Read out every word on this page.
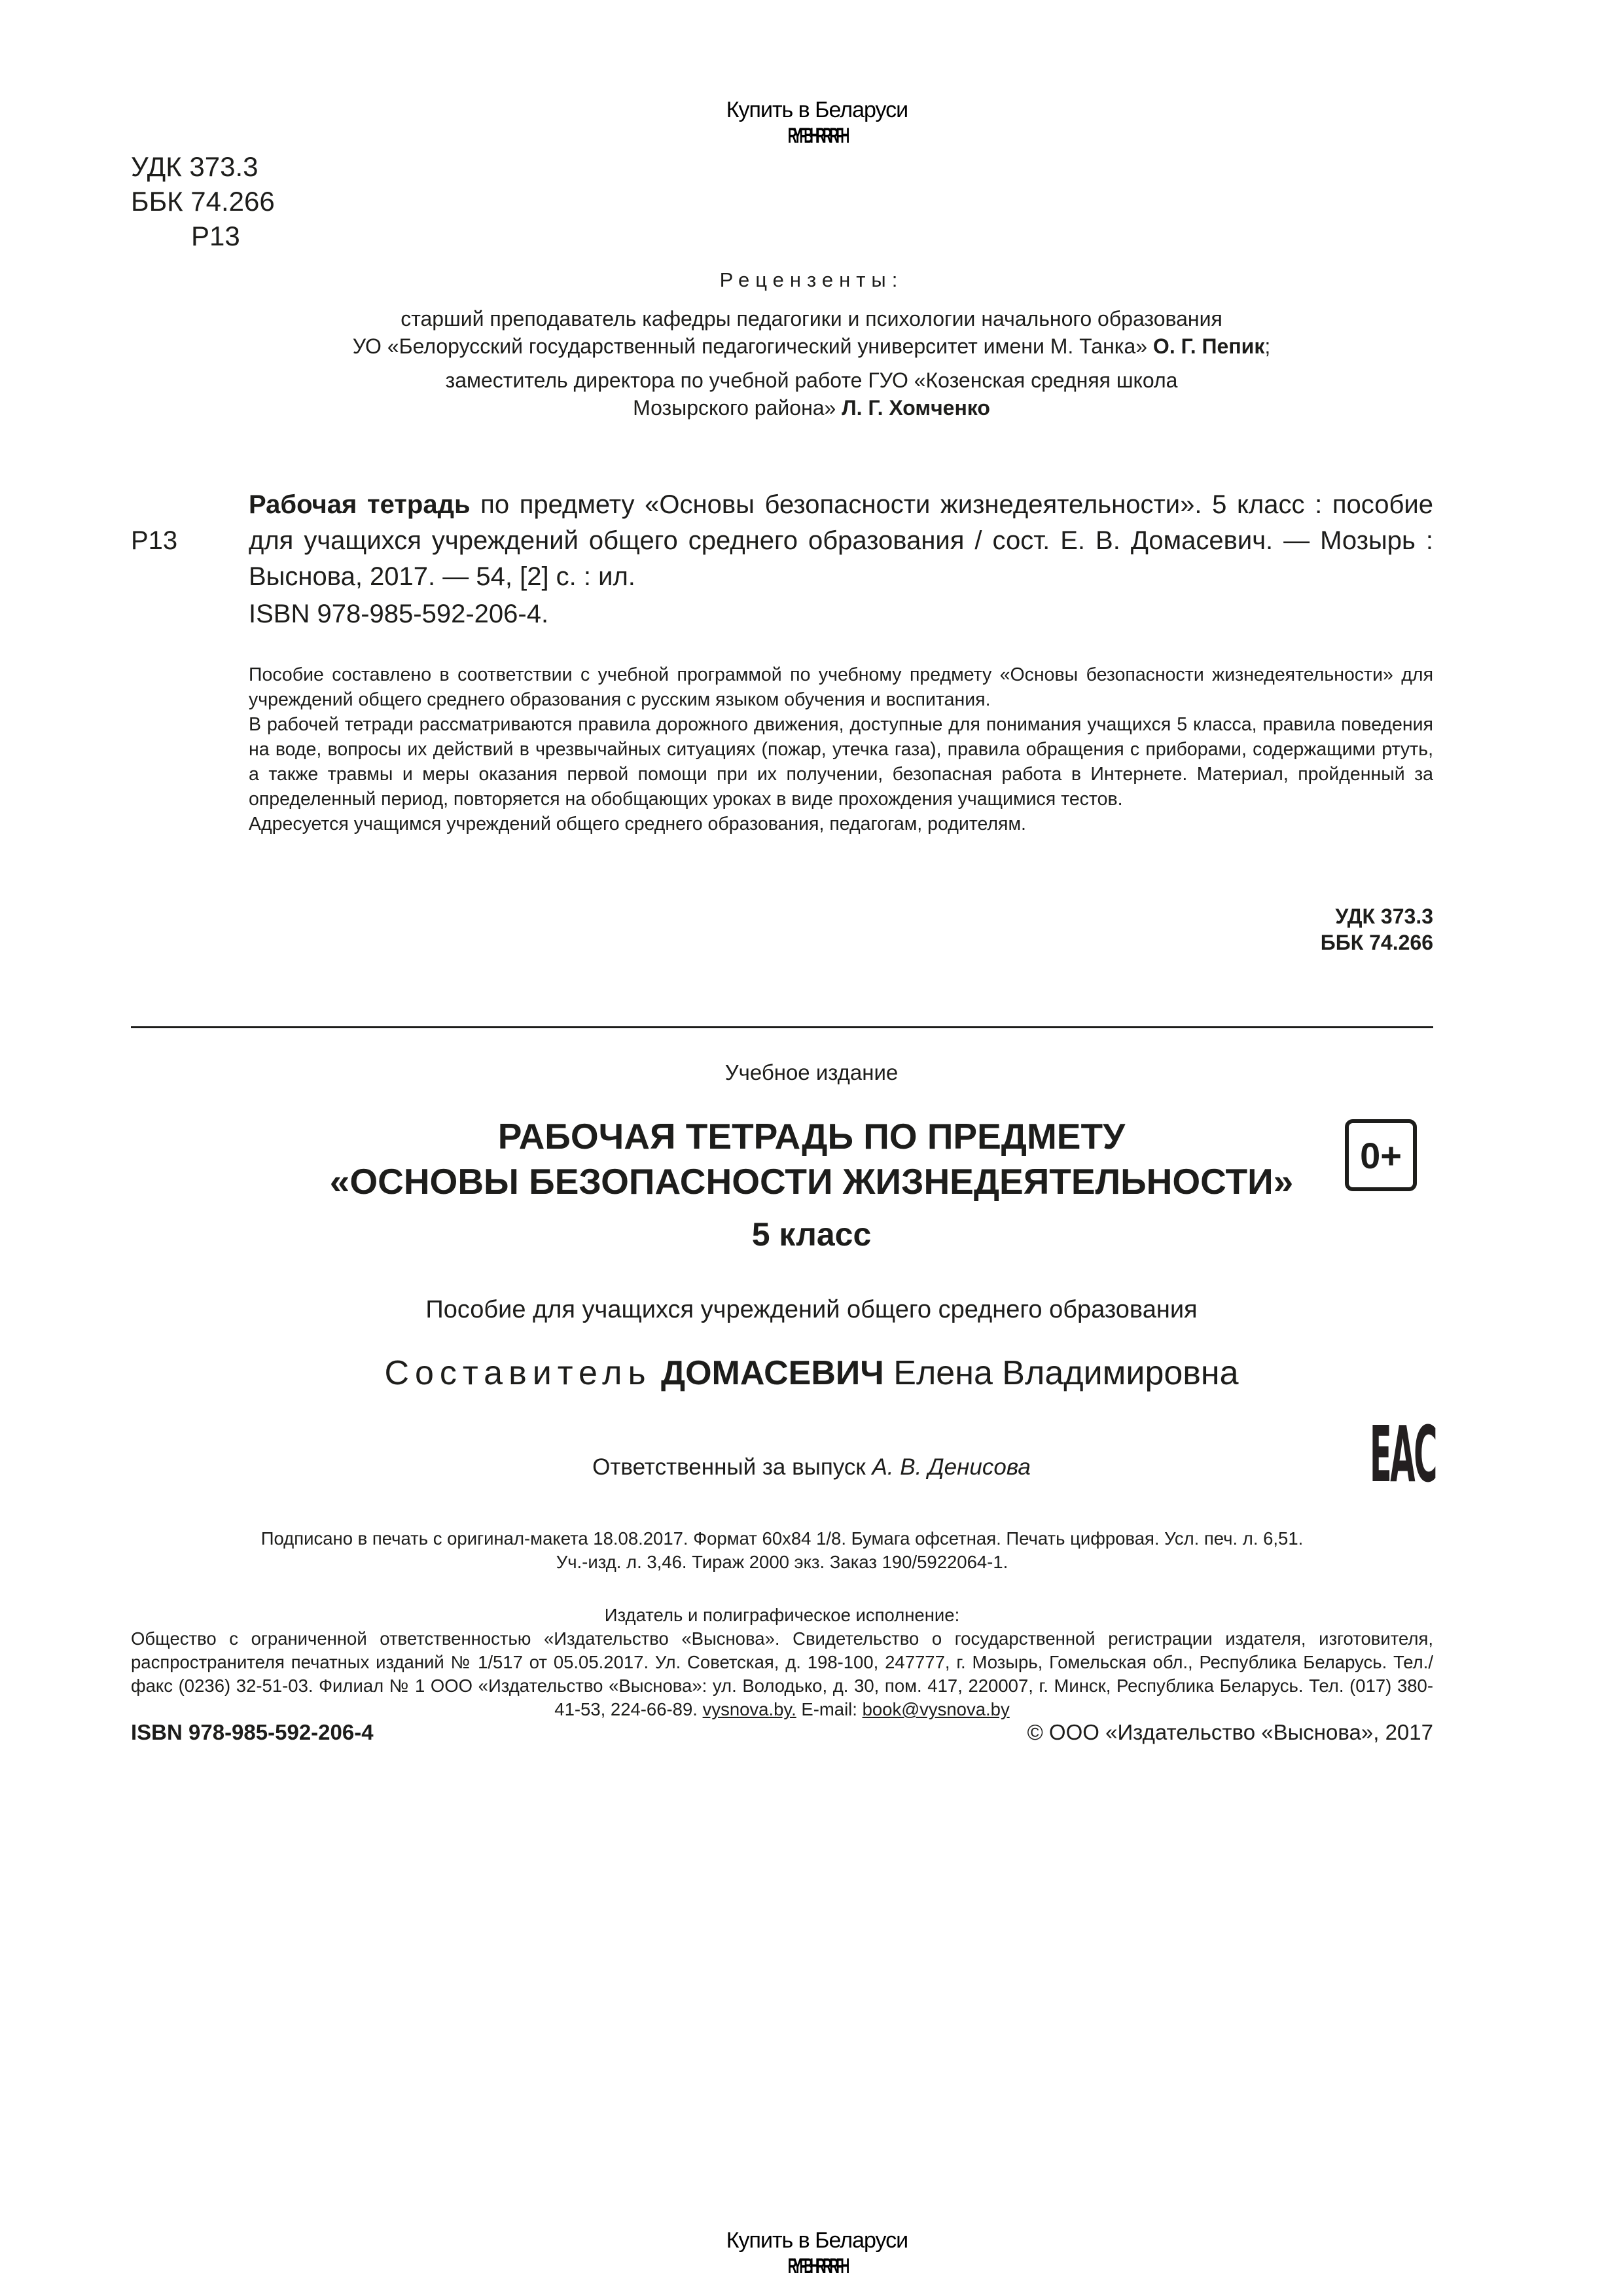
Купить в Беларуси
RY   FBH R  R  R  FH

УДК 373.3
ББК 74.266
Р13
Рецензенты:
старший преподаватель кафедры педагогики и психологии начального образования
УО «Белорусский государственный педагогический университет имени М. Танка» О. Г. Пепик;
заместитель директора по учебной работе ГУО «Козенская средняя школа
Мозырского района» Л. Г. Хомченко
Р13
Рабочая тетрадь по предмету «Основы безопасности жизнедеятельности». 5 класс : пособие для учащихся учреждений общего среднего образования / сост. Е. В. Домасевич. — Мозырь : Выснова, 2017. — 54, [2] с. : ил.
ISBN 978-985-592-206-4.

Пособие составлено в соответствии с учебной программой по учебному предмету «Основы безопасности жизнедеятельности» для учреждений общего среднего образования с русским языком обучения и воспитания.

В рабочей тетради рассматриваются правила дорожного движения, доступные для понимания учащихся 5 класса, правила поведения на воде, вопросы их действий в чрезвычайных ситуациях (пожар, утечка газа), правила обращения с приборами, содержащими ртуть, а также травмы и меры оказания первой помощи при их получении, безопасная работа в Интернете. Материал, пройденный за определенный период, повторяется на обобщающих уроках в виде прохождения учащимися тестов.

Адресуется учащимся учреждений общего среднего образования, педагогам, родителям.

УДК 373.3
ББК 74.266
Учебное издание
РАБОЧАЯ ТЕТРАДЬ ПО ПРЕДМЕТУ
«ОСНОВЫ БЕЗОПАСНОСТИ ЖИЗНЕДЕЯТЕЛЬНОСТИ»
5 класс
0+
Пособие для учащихся учреждений общего среднего образования
Составитель ДОМАСЕВИЧ Елена Владимировна
Ответственный за выпуск А. В. Денисова	EAC
Подписано в печать с оригинал-макета 18.08.2017. Формат 60x84 1/8. Бумага офсетная. Печать цифровая. Усл. печ. л. 6,51.
Уч.-изд. л. 3,46. Тираж 2000 экз. Заказ 190/5922064-1.
Издатель и полиграфическое исполнение:
Общество с ограниченной ответственностью «Издательство «Выснова». Свидетельство о государственной регистрации издателя, изготовителя, распространителя печатных изданий № 1/517 от 05.05.2017. Ул. Советская, д. 198-100, 247777, г. Мозырь, Гомельская обл., Республика Беларусь. Тел./факс (0236) 32-51-03. Филиал № 1 ООО «Издательство «Выснова»: ул. Володько, д. 30, пом. 417, 220007, г. Минск, Республика Беларусь. Тел. (017) 380-41-53, 224-66-89. vysnova.by. E-mail: book@vysnova.by
ISBN 978-985-592-206-4	© ООО «Издательство «Выснова», 2017

Купить в Беларуси
RY   FBH R  R  R  FH
